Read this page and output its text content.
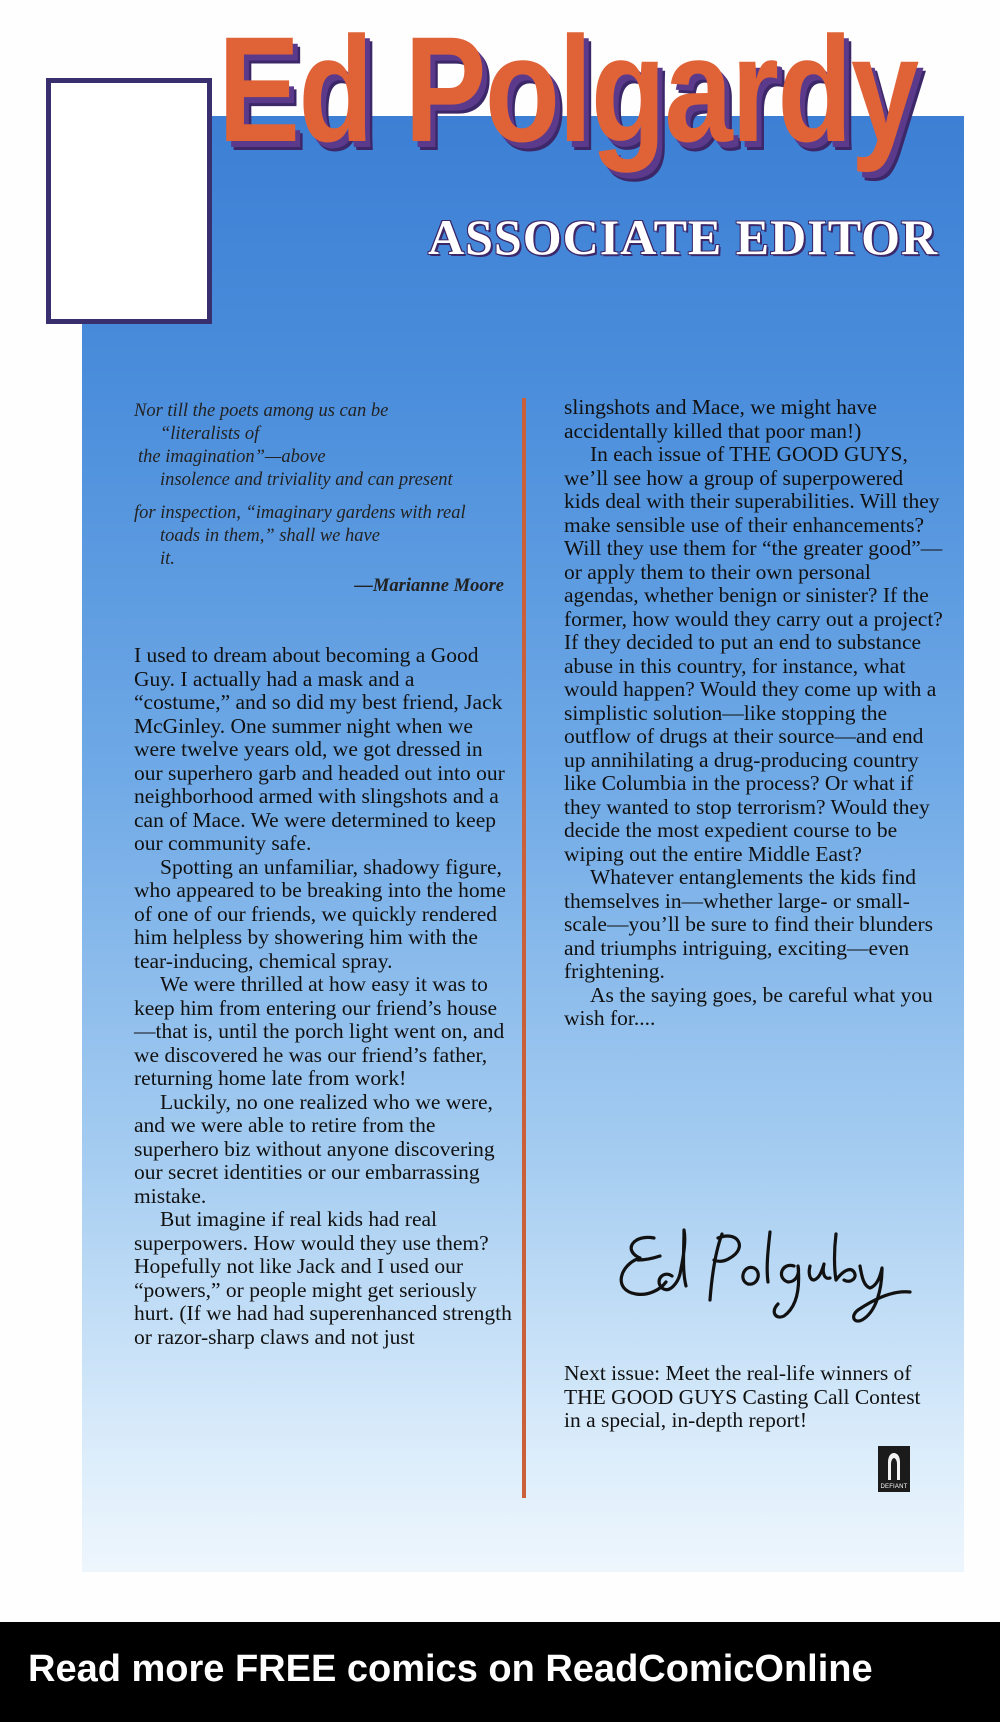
Ed Polgardy
ASSOCIATE EDITOR
Nor till the poets among us can be
“literalists of
the imagination”—above
insolence and triviality and can present
for inspection, “imaginary gardens with real
toads in them,” shall we have
it.
—Marianne Moore

I used to dream about becoming a Good Guy. I actually had a mask and a “costume,” and so did my best friend, Jack McGinley. One summer night when we were twelve years old, we got dressed in our superhero garb and headed out into our neighborhood armed with slingshots and a can of Mace. We were determined to keep our community safe.

Spotting an unfamiliar, shadowy figure, who appeared to be breaking into the home of one of our friends, we quickly rendered him helpless by showering him with the tear-inducing, chemical spray.

We were thrilled at how easy it was to keep him from entering our friend’s house—that is, until the porch light went on, and we discovered he was our friend’s father, returning home late from work!

Luckily, no one realized who we were, and we were able to retire from the superhero biz without anyone discovering our secret identities or our embarrassing mistake.

But imagine if real kids had real superpowers. How would they use them? Hopefully not like Jack and I used our “powers,” or people might get seriously hurt. (If we had had superenhanced strength or razor-sharp claws and not just

slingshots and Mace, we might have accidentally killed that poor man!)

In each issue of THE GOOD GUYS, we’ll see how a group of superpowered kids deal with their superabilities. Will they make sensible use of their enhancements? Will they use them for “the greater good”—or apply them to their own personal agendas, whether benign or sinister? If the former, how would they carry out a project? If they decided to put an end to substance abuse in this country, for instance, what would happen? Would they come up with a simplistic solution—like stopping the outflow of drugs at their source—and end up annihilating a drug-producing country like Columbia in the process? Or what if they wanted to stop terrorism? Would they decide the most expedient course to be wiping out the entire Middle East?

Whatever entanglements the kids find themselves in—whether large- or small-scale—you’ll be sure to find their blunders and triumphs intriguing, exciting—even frightening.

As the saying goes, be careful what you wish for....

Next issue: Meet the real-life winners of THE GOOD GUYS Casting Call Contest in a special, in-depth report!

DEFIANT

Read more FREE comics on ReadComicOnline
